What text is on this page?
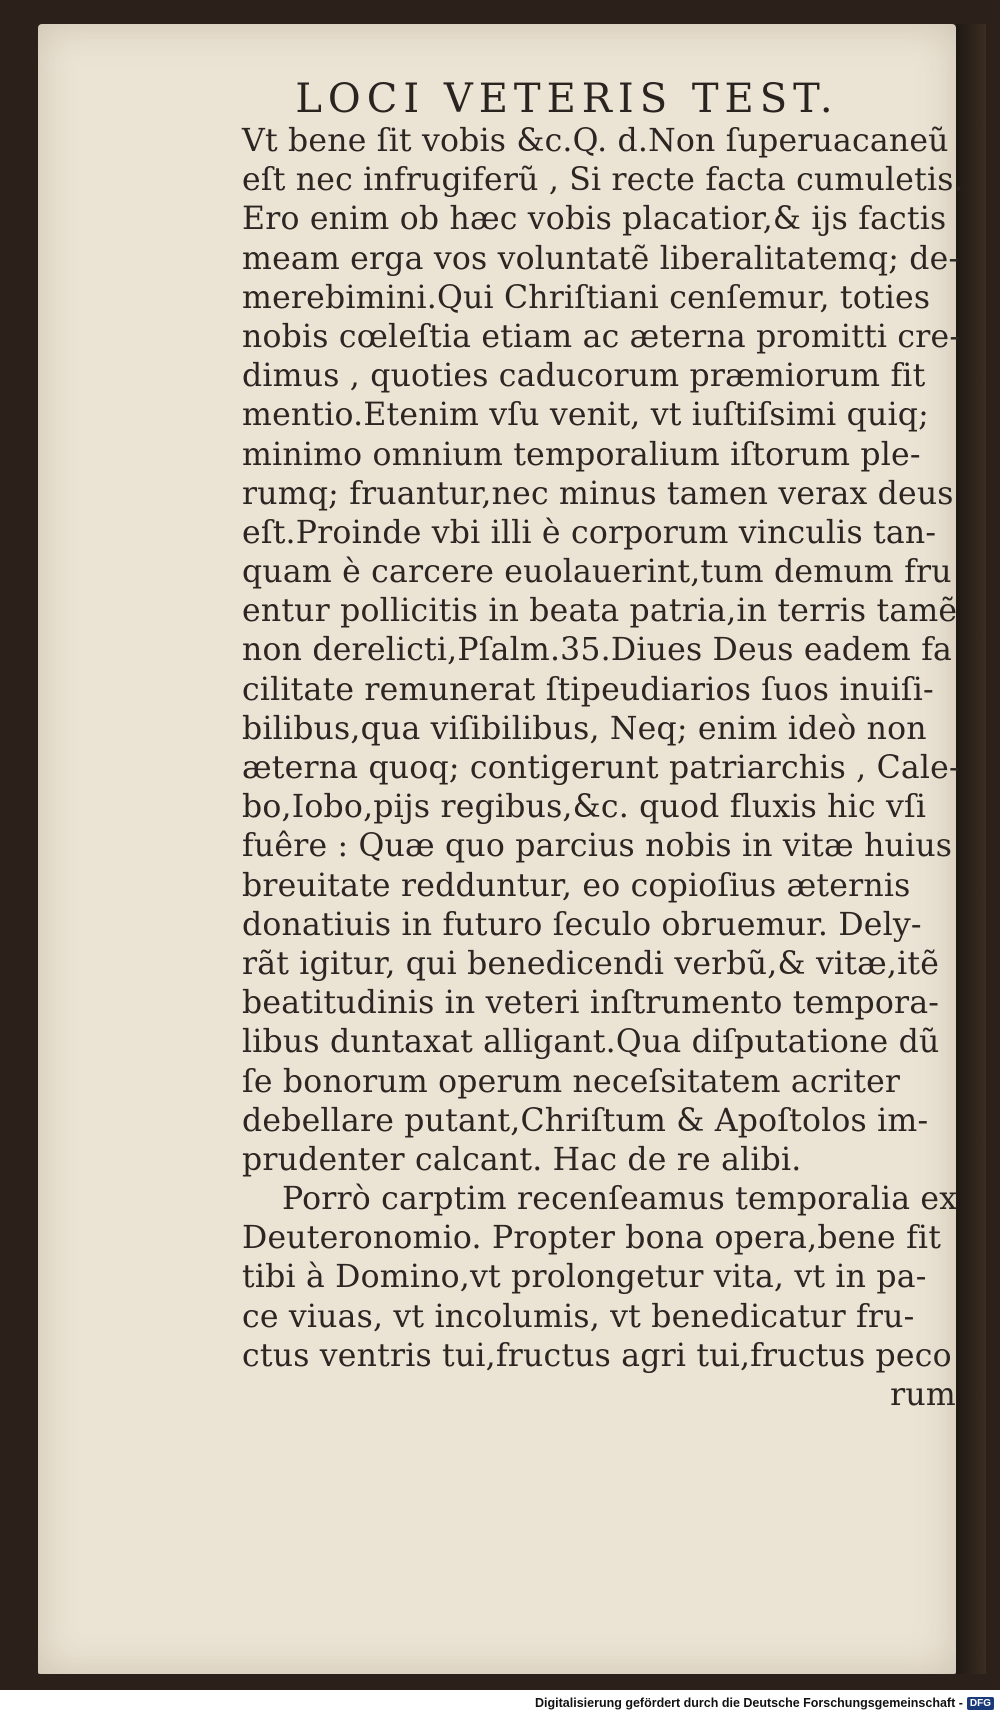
LOCI VETERIS TEST.
Vt bene ſit vobis &c.Q. d.Non ſuperuacaneũ
eſt nec infrugiferũ , Si recte facta cumuletis.
Ero enim ob hæc vobis placatior,& ijs factis
meam erga vos voluntatẽ liberalitatemq; de-
merebimini.Qui Chriſtiani cenſemur, toties
nobis cœleſtia etiam ac æterna promitti cre-
dimus , quoties caducorum præmiorum fit
mentio.Etenim vſu venit, vt iuſtiſsimi quiq;
minimo omnium temporalium iſtorum ple-
rumq; fruantur,nec minus tamen verax deus
eſt.Proinde vbi illi è corporum vinculis tan-
quam è carcere euolauerint,tum demum fru
entur pollicitis in beata patria,in terris tamẽ
non derelicti,Pſalm.35.Diues Deus eadem fa
cilitate remunerat ſtipeudiarios ſuos inuiſi-
bilibus,qua viſibilibus, Neq; enim ideò non
æterna quoq; contigerunt patriarchis , Cale-
bo,Iobo,pijs regibus,&c. quod fluxis hic vſi
fuêre : Quæ quo parcius nobis in vitæ huius
breuitate redduntur, eo copioſius æternis
donatiuis in futuro ſeculo obruemur. Dely-
rãt igitur, qui benedicendi verbũ,& vitæ,itẽ
beatitudinis in veteri inſtrumento tempora-
libus duntaxat alligant.Qua diſputatione dũ
ſe bonorum operum neceſsitatem acriter
debellare putant,Chriſtum & Apoſtolos im-
prudenter calcant. Hac de re alibi.
Porrò carptim recenſeamus temporalia ex
Deuteronomio. Propter bona opera,bene fit
tibi à Domino,vt prolongetur vita, vt in pa-
ce viuas, vt incolumis, vt benedicatur fru-
ctus ventris tui,fructus agri tui,fructus peco
rum
Digitalisierung gefördert durch die Deutsche Forschungsgemeinschaft - DFG
